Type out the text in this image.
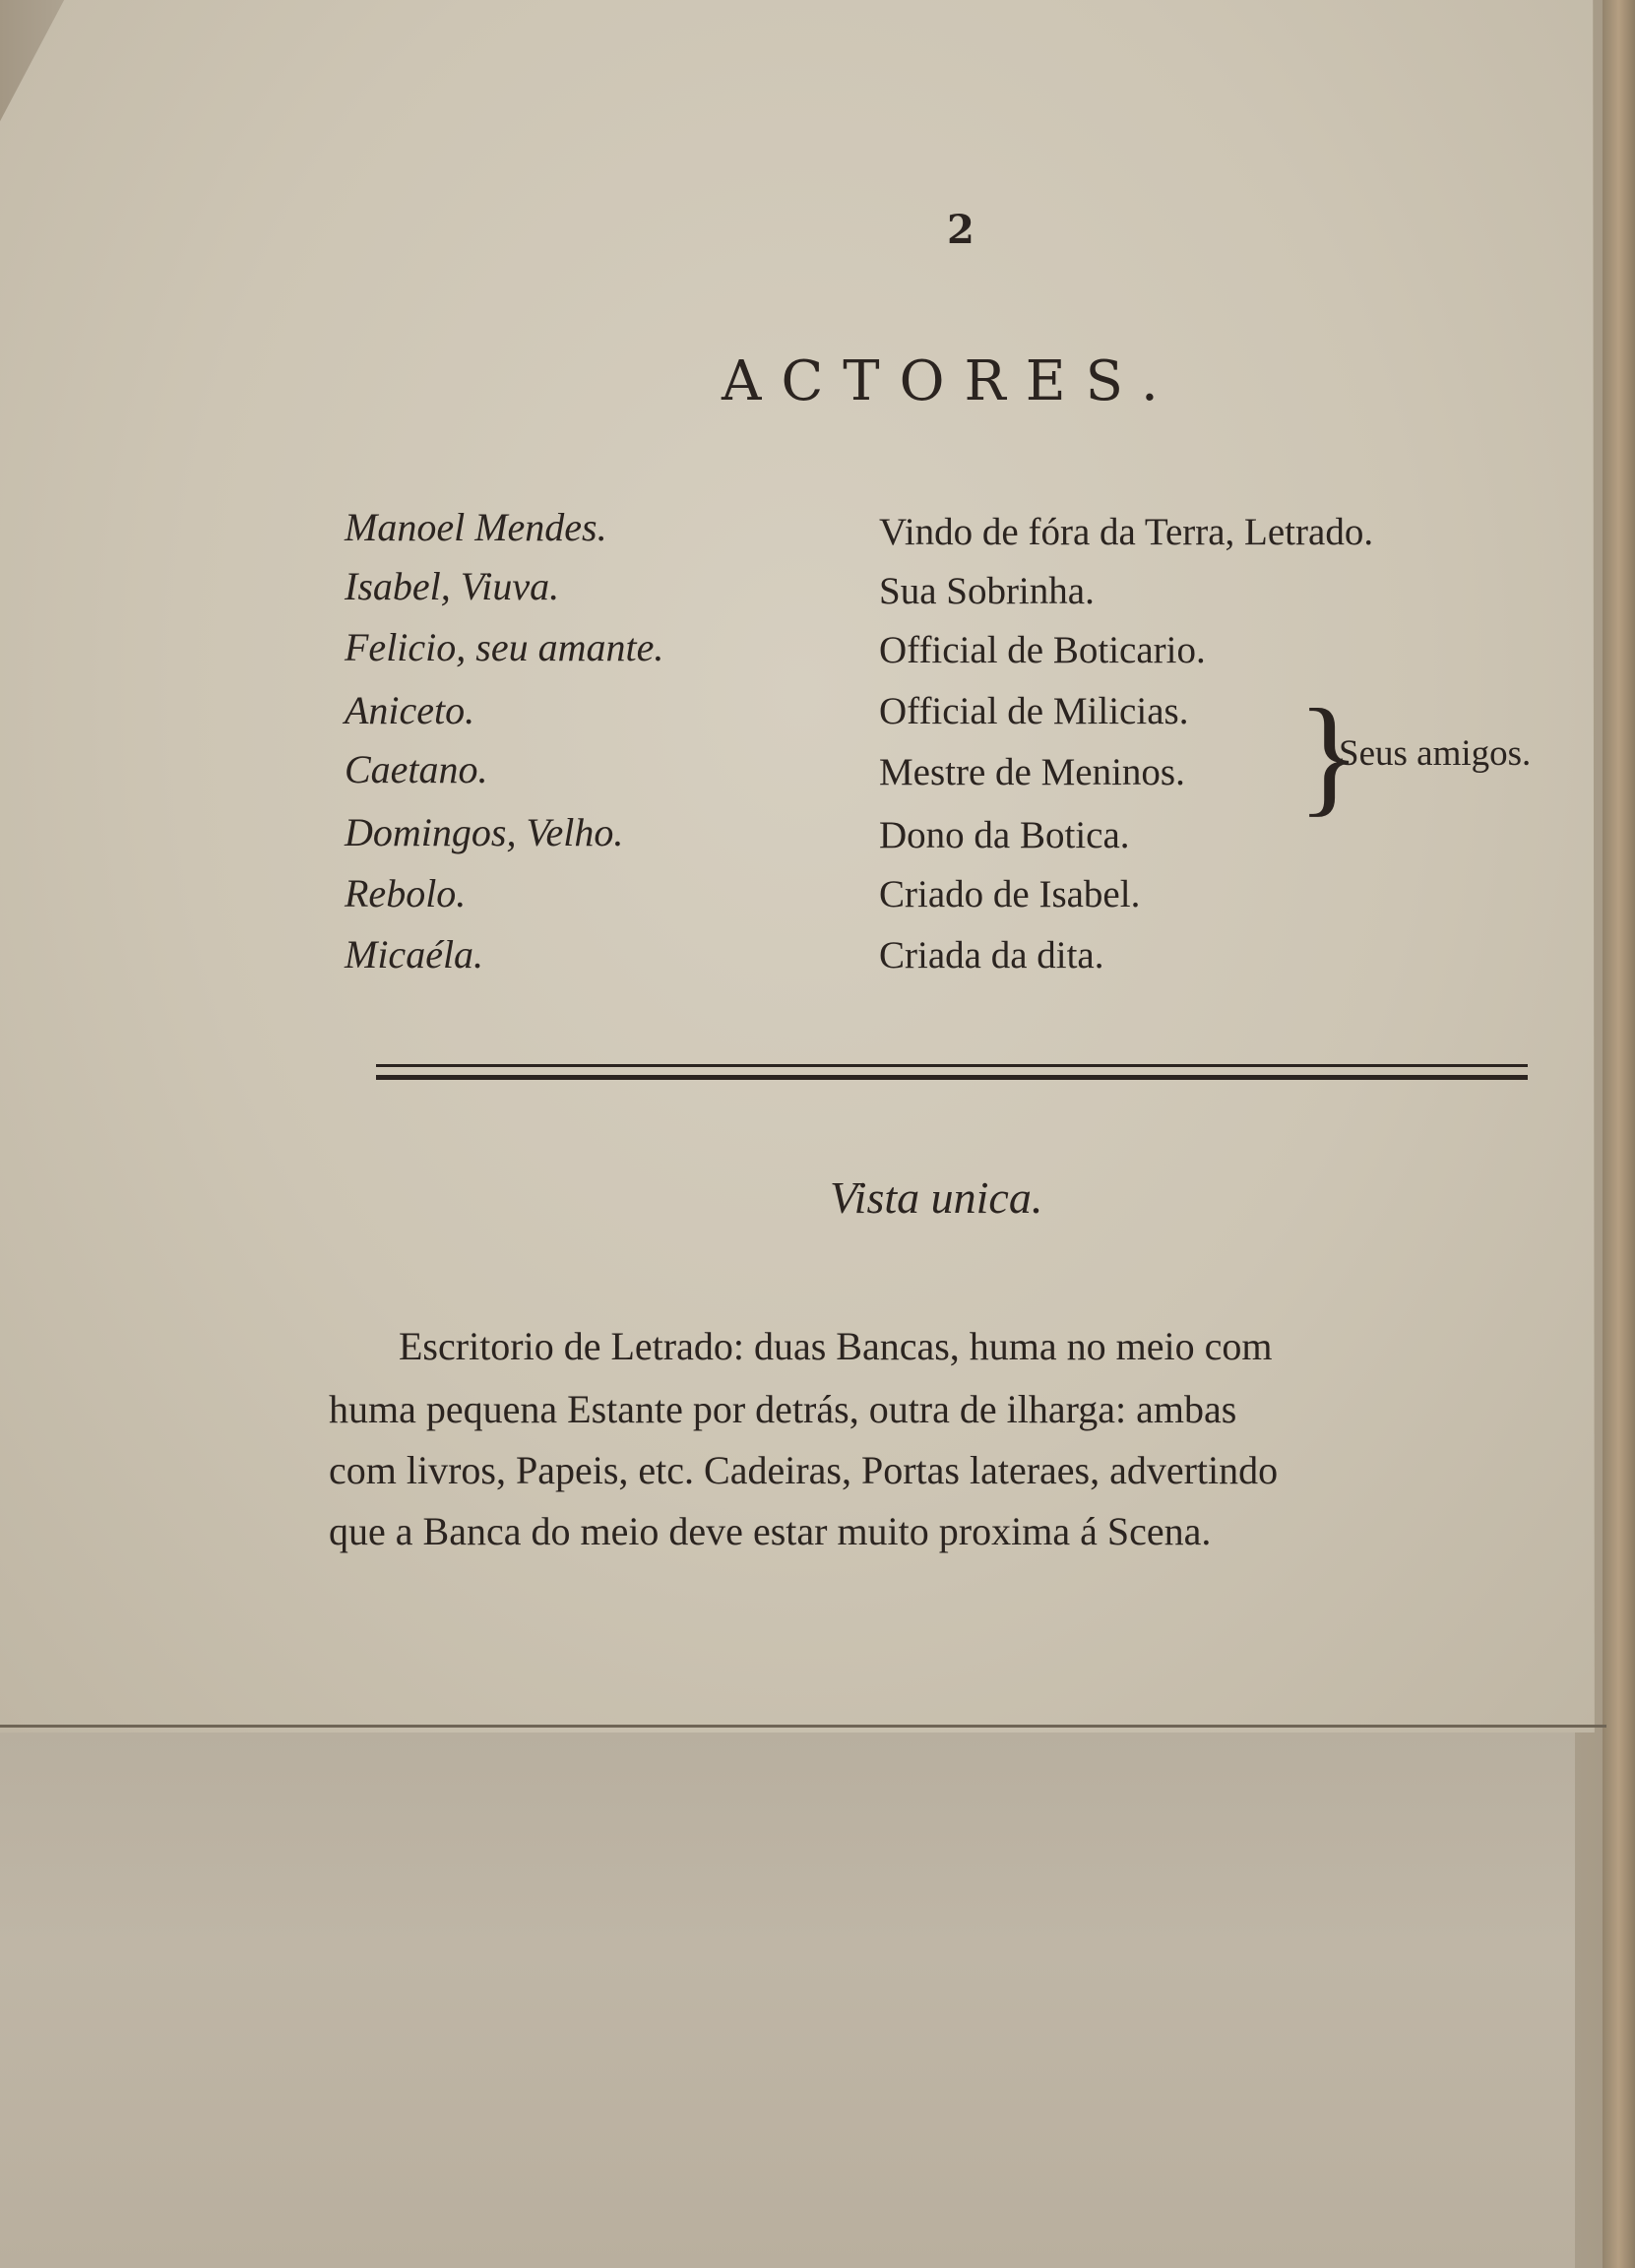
2
ACTORES.
Manoel Mendes.	Vindo de fóra da Terra, Letrado.
Isabel, Viuva.	Sua Sobrinha.
Felicio, seu amante.	Official de Boticario.
Aniceto.	Official de Milicias.
Caetano.	Mestre de Meninos.
Domingos, Velho.	Dono da Botica.
Rebolo.	Criado de Isabel.
Micaéla.	Criada da dita.
}
Seus amigos.
Vista unica.
Escritorio de Letrado: duas Bancas, huma no meio com
huma pequena Estante por detrás, outra de ilharga: ambas
com livros, Papeis, etc. Cadeiras, Portas lateraes, advertindo
que a Banca do meio deve estar muito proxima á Scena.
